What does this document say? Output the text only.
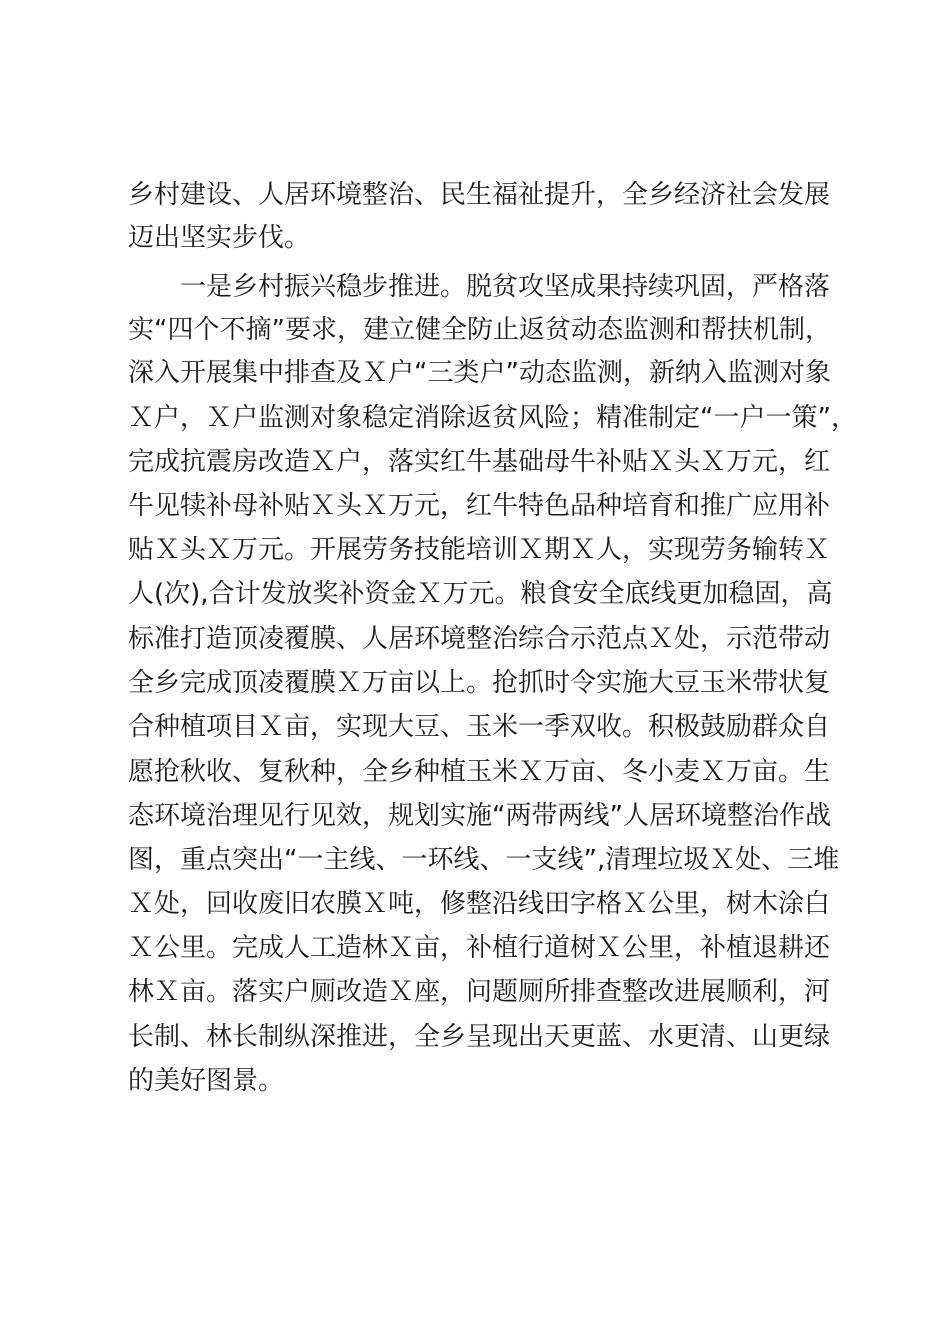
乡村建设、人居环境整治、民生福祉提升，全乡经济社会发展
迈出坚实步伐。
一是乡村振兴稳步推进。脱贫攻坚成果持续巩固，严格落
实“四个不摘”要求，建立健全防止返贫动态监测和帮扶机制，
深入开展集中排查及Ｘ户“三类户”动态监测，新纳入监测对象
Ｘ户，Ｘ户监测对象稳定消除返贫风险；精准制定“一户一策”，
完成抗震房改造Ｘ户，落实红牛基础母牛补贴Ｘ头Ｘ万元，红
牛见犊补母补贴Ｘ头Ｘ万元，红牛特色品种培育和推广应用补
贴Ｘ头Ｘ万元。开展劳务技能培训Ｘ期Ｘ人，实现劳务输转Ｘ
人(次),合计发放奖补资金Ｘ万元。粮食安全底线更加稳固，高
标准打造顶凌覆膜、人居环境整治综合示范点Ｘ处，示范带动
全乡完成顶凌覆膜Ｘ万亩以上。抢抓时令实施大豆玉米带状复
合种植项目Ｘ亩，实现大豆、玉米一季双收。积极鼓励群众自
愿抢秋收、复秋种，全乡种植玉米Ｘ万亩、冬小麦Ｘ万亩。生
态环境治理见行见效，规划实施“两带两线”人居环境整治作战
图，重点突出“一主线、一环线、一支线”,清理垃圾Ｘ处、三堆
Ｘ处，回收废旧农膜Ｘ吨，修整沿线田字格Ｘ公里，树木涂白
Ｘ公里。完成人工造林Ｘ亩，补植行道树Ｘ公里，补植退耕还
林Ｘ亩。落实户厕改造Ｘ座，问题厕所排查整改进展顺利，河
长制、林长制纵深推进，全乡呈现出天更蓝、水更清、山更绿
的美好图景。
